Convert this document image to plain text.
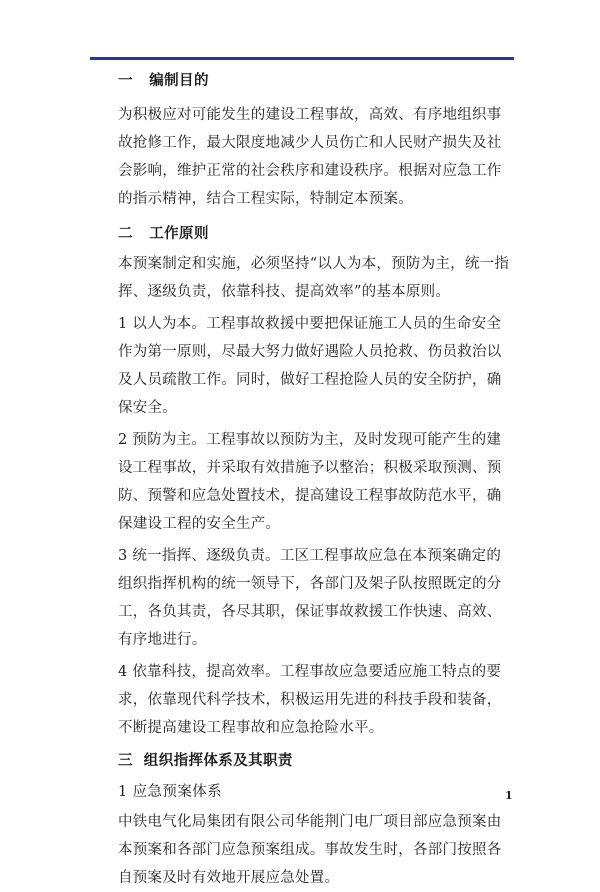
一   编制目的

为积极应对可能发生的建设工程事故，高效、有序地组织事故抢修工作，最大限度地减少人员伤亡和人民财产损失及社会影响，维护正常的社会秩序和建设秩序。根据对应急工作的指示精神，结合工程实际，特制定本预案。

二   工作原则

本预案制定和实施，必须坚持“以人为本，预防为主，统一指挥、逐级负责，依靠科技、提高效率”的基本原则。

1 以人为本。工程事故救援中要把保证施工人员的生命安全作为第一原则，尽最大努力做好遇险人员抢救、伤员救治以及人员疏散工作。同时，做好工程抢险人员的安全防护，确保安全。

2 预防为主。工程事故以预防为主，及时发现可能产生的建设工程事故，并采取有效措施予以整治；积极采取预测、预防、预警和应急处置技术，提高建设工程事故防范水平，确保建设工程的安全生产。

3 统一指挥、逐级负责。工区工程事故应急在本预案确定的组织指挥机构的统一领导下，各部门及架子队按照既定的分工，各负其责，各尽其职，保证事故救援工作快速、高效、有序地进行。

4 依靠科技，提高效率。工程事故应急要适应施工特点的要求，依靠现代科学技术，积极运用先进的科技手段和装备，不断提高建设工程事故和应急抢险水平。

三  组织指挥体系及其职责
1 应急预案体系

中铁电气化局集团有限公司华能荆门电厂项目部应急预案由本预案和各部门应急预案组成。事故发生时，各部门按照各自预案及时有效地开展应急处置。

1
